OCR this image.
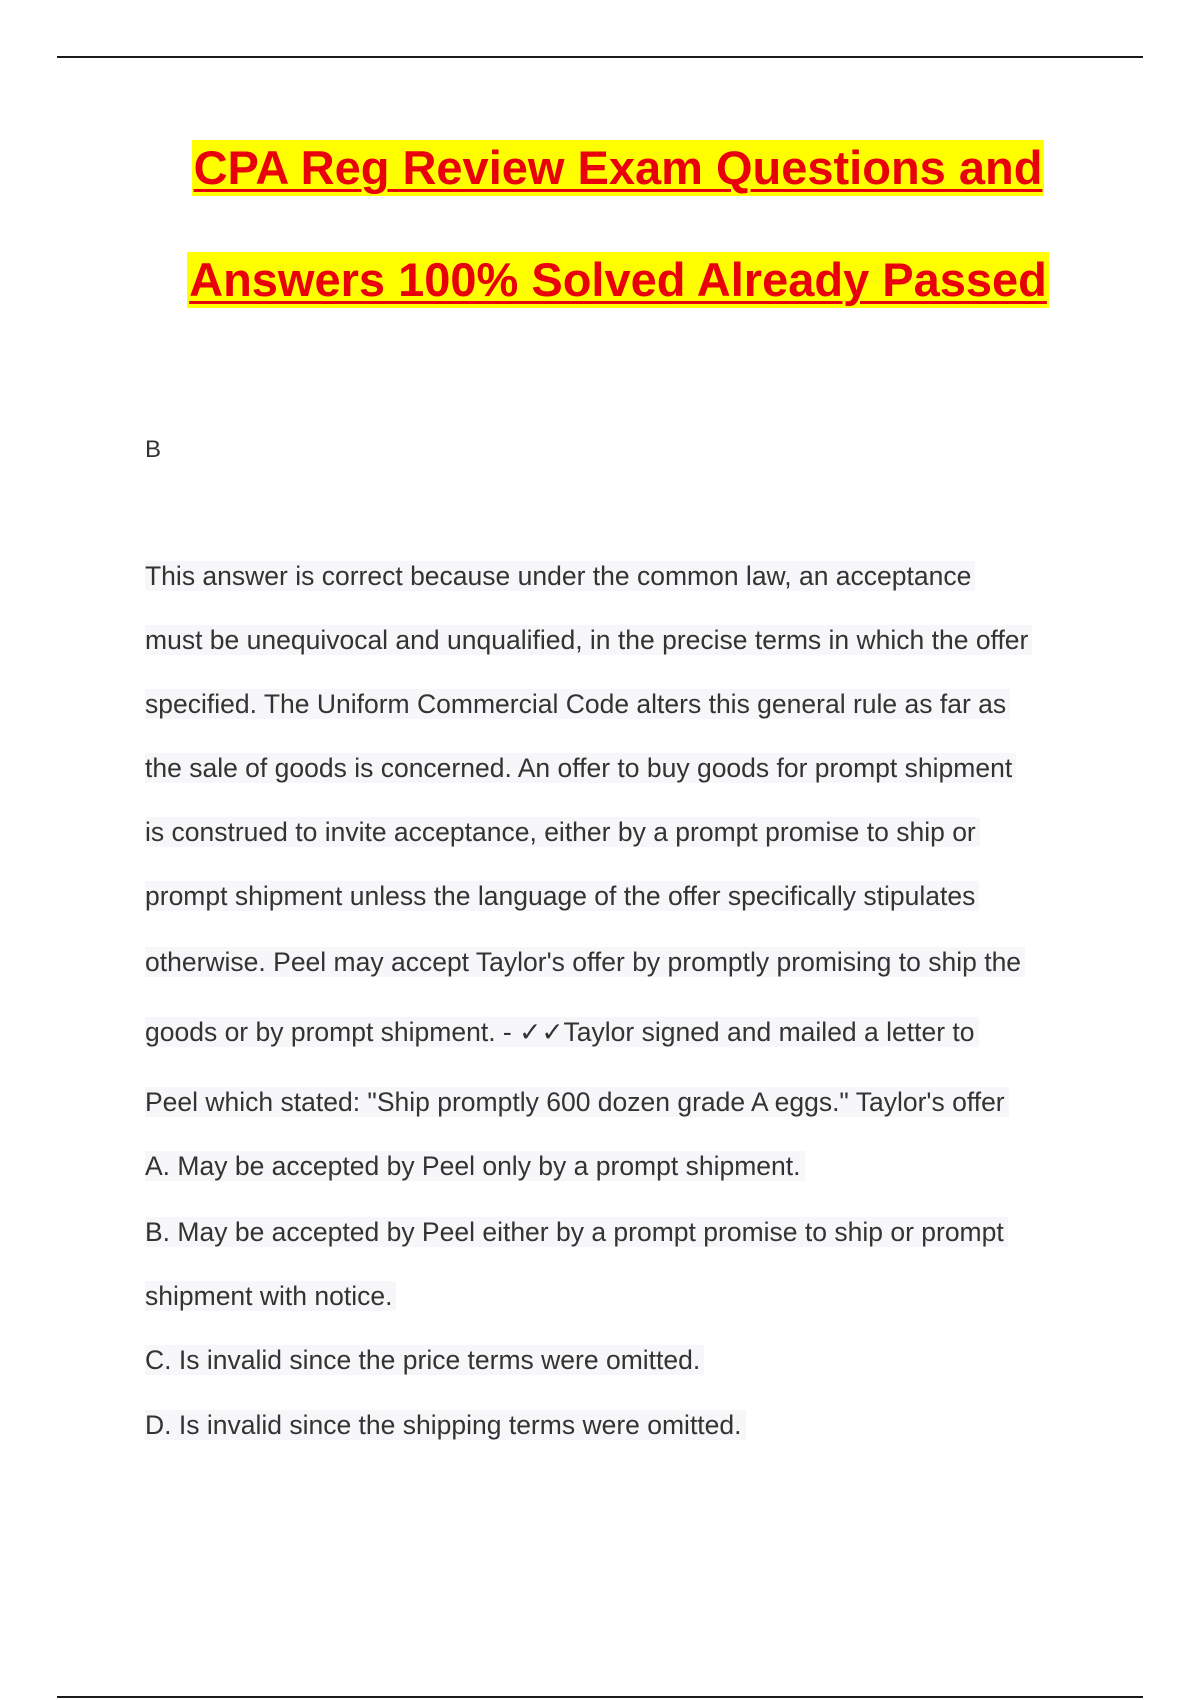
CPA Reg Review Exam Questions and
Answers 100% Solved Already Passed
B
This answer is correct because under the common law, an acceptance
must be unequivocal and unqualified, in the precise terms in which the offer
specified. The Uniform Commercial Code alters this general rule as far as
the sale of goods is concerned. An offer to buy goods for prompt shipment
is construed to invite acceptance, either by a prompt promise to ship or
prompt shipment unless the language of the offer specifically stipulates
otherwise. Peel may accept Taylor's offer by promptly promising to ship the
goods or by prompt shipment. - ✓✓Taylor signed and mailed a letter to
Peel which stated: "Ship promptly 600 dozen grade A eggs." Taylor's offer
A. May be accepted by Peel only by a prompt shipment.
B. May be accepted by Peel either by a prompt promise to ship or prompt
shipment with notice.
C. Is invalid since the price terms were omitted.
D. Is invalid since the shipping terms were omitted.
